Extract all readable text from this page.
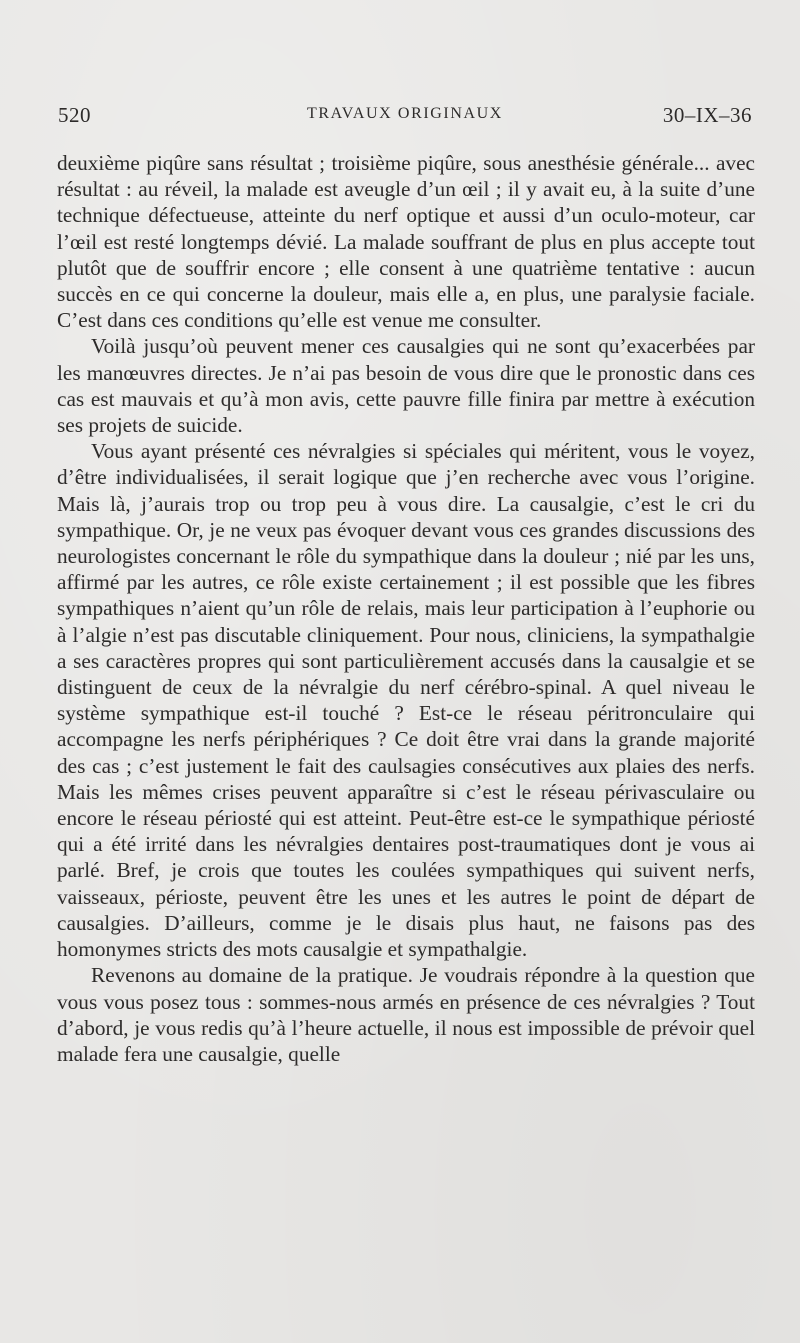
520	TRAVAUX ORIGINAUX	30–IX–36

deuxième piqûre sans résultat ; troisième piqûre, sous anesthésie générale... avec résultat : au réveil, la malade est aveugle d’un œil ; il y avait eu, à la suite d’une technique défectueuse, atteinte du nerf optique et aussi d’un oculo-moteur, car l’œil est resté longtemps dévié. La malade souffrant de plus en plus accepte tout plutôt que de souffrir encore ; elle consent à une quatrième tentative : aucun succès en ce qui concerne la douleur, mais elle a, en plus, une paralysie faciale. C’est dans ces conditions qu’elle est venue me consulter.

Voilà jusqu’où peuvent mener ces causalgies qui ne sont qu’exacerbées par les manœuvres directes. Je n’ai pas besoin de vous dire que le pronostic dans ces cas est mauvais et qu’à mon avis, cette pauvre fille finira par mettre à exécution ses projets de suicide.

Vous ayant présenté ces névralgies si spéciales qui méritent, vous le voyez, d’être individualisées, il serait logique que j’en recherche avec vous l’origine. Mais là, j’aurais trop ou trop peu à vous dire. La causalgie, c’est le cri du sympathique. Or, je ne veux pas évoquer devant vous ces grandes discussions des neurologistes concernant le rôle du sympathique dans la douleur ; nié par les uns, affirmé par les autres, ce rôle existe certainement ; il est possible que les fibres sympathiques n’aient qu’un rôle de relais, mais leur participation à l’euphorie ou à l’algie n’est pas discutable cliniquement. Pour nous, cliniciens, la sympathalgie a ses caractères propres qui sont particulièrement accusés dans la causalgie et se distinguent de ceux de la névralgie du nerf cérébro-spinal. A quel niveau le système sympathique est-il touché ? Est-ce le réseau péritronculaire qui accompagne les nerfs périphériques ? Ce doit être vrai dans la grande majorité des cas ; c’est justement le fait des caulsagies consécutives aux plaies des nerfs. Mais les mêmes crises peuvent apparaître si c’est le réseau périvasculaire ou encore le réseau périosté qui est atteint. Peut-être est-ce le sympathique périosté qui a été irrité dans les névralgies dentaires post-traumatiques dont je vous ai parlé. Bref, je crois que toutes les coulées sympathiques qui suivent nerfs, vaisseaux, périoste, peuvent être les unes et les autres le point de départ de causalgies. D’ailleurs, comme je le disais plus haut, ne faisons pas des homonymes stricts des mots causalgie et sympathalgie.

Revenons au domaine de la pratique. Je voudrais répondre à la question que vous vous posez tous : sommes-nous armés en présence de ces névralgies ? Tout d’abord, je vous redis qu’à l’heure actuelle, il nous est impossible de prévoir quel malade fera une causalgie, quelle
